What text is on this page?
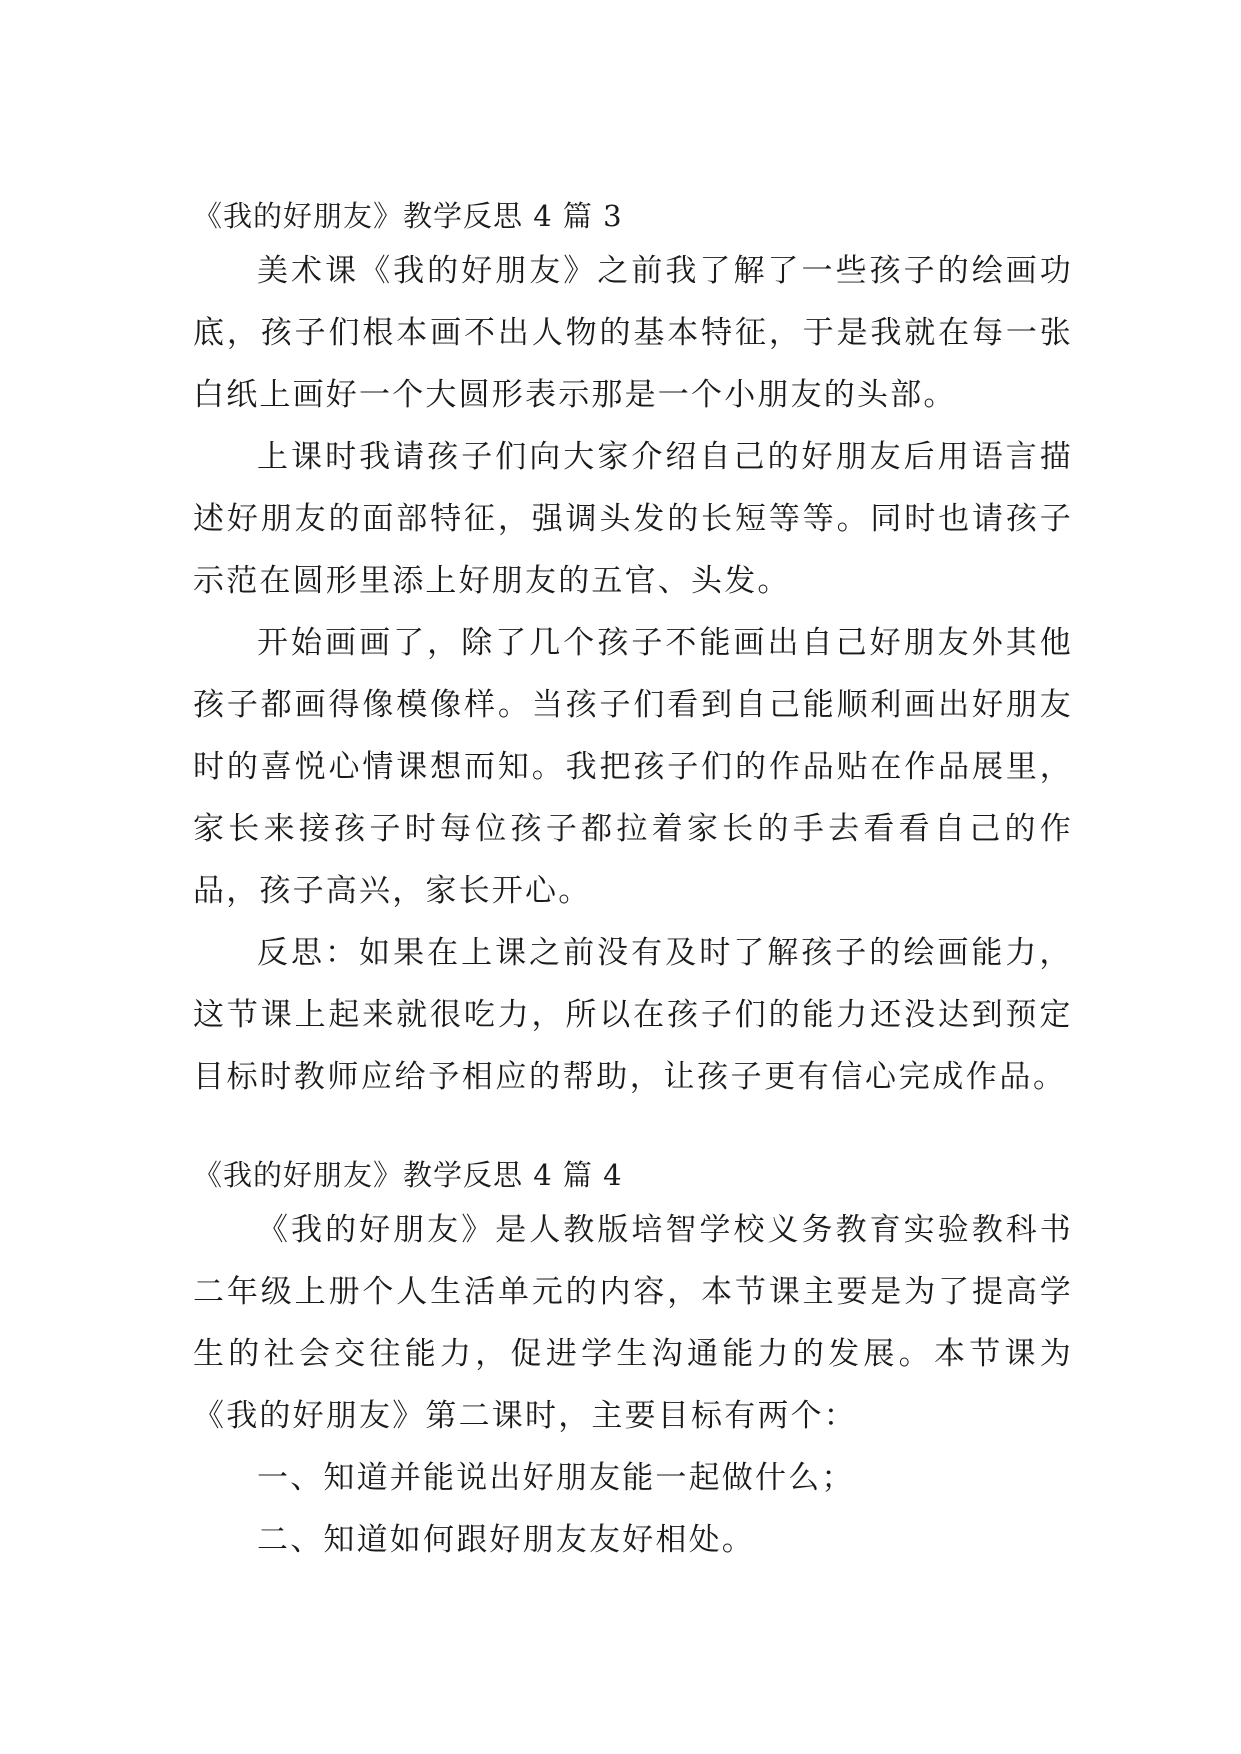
《我的好朋友》教学反思 4 篇 3

美术课《我的好朋友》之前我了解了一些孩子的绘画功底，孩子们根本画不出人物的基本特征，于是我就在每一张白纸上画好一个大圆形表示那是一个小朋友的头部。

上课时我请孩子们向大家介绍自己的好朋友后用语言描述好朋友的面部特征，强调头发的长短等等。同时也请孩子示范在圆形里添上好朋友的五官、头发。

开始画画了，除了几个孩子不能画出自己好朋友外其他孩子都画得像模像样。当孩子们看到自己能顺利画出好朋友时的喜悦心情课想而知。我把孩子们的作品贴在作品展里，家长来接孩子时每位孩子都拉着家长的手去看看自己的作品，孩子高兴，家长开心。

反思：如果在上课之前没有及时了解孩子的绘画能力，这节课上起来就很吃力，所以在孩子们的能力还没达到预定目标时教师应给予相应的帮助，让孩子更有信心完成作品。

《我的好朋友》教学反思 4 篇 4

《我的好朋友》是人教版培智学校义务教育实验教科书二年级上册个人生活单元的内容，本节课主要是为了提高学生的社会交往能力，促进学生沟通能力的发展。本节课为《我的好朋友》第二课时，主要目标有两个：

一、知道并能说出好朋友能一起做什么；

二、知道如何跟好朋友友好相处。
